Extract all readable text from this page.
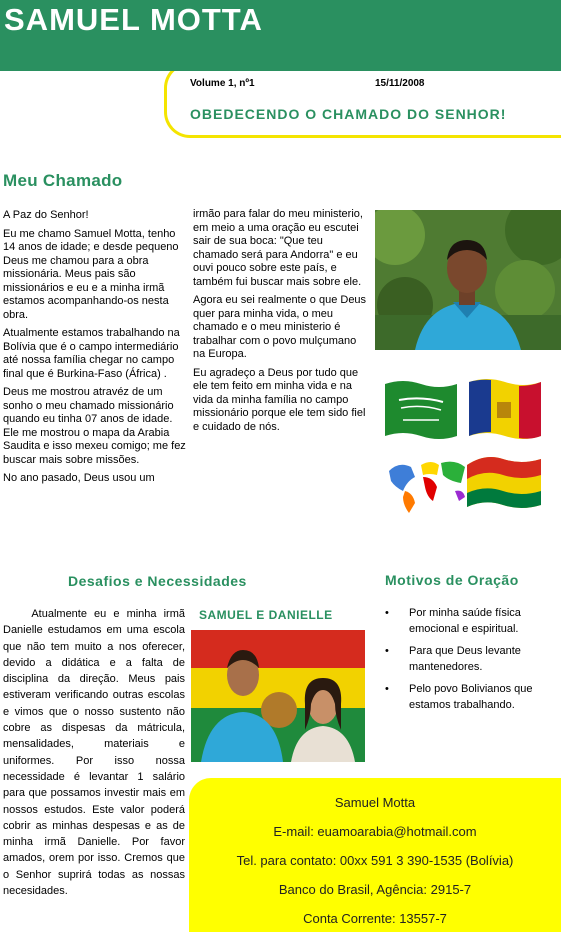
SAMUEL MOTTA
Volume 1, nº1	15/11/2008
OBEDECENDO O CHAMADO DO SENHOR!
Meu Chamado

A Paz do Senhor!

Eu me chamo Samuel Motta, tenho 14 anos de idade; e desde pequeno Deus me chamou para a obra missionária. Meus pais são missionários e eu e a minha irmã estamos acompanhando-os nesta obra.

Atualmente estamos trabalhando na Bolívia que é o campo intermediário até nossa família chegar no campo final que é Burkina-Faso (África) .

Deus me mostrou atravéz de um sonho o meu chamado missionário quando eu tinha 07 anos de idade. Ele me mostrou o mapa da Arabia Saudita e isso mexeu comigo; me fez buscar mais sobre missões.

No ano pasado, Deus usou um

irmão para falar do meu ministerio, em meio a uma oração eu escutei sair de sua boca: "Que teu chamado será para Andorra" e eu ouvi pouco sobre este país, e também fui buscar mais sobre ele.

Agora eu sei realmente o que Deus quer para minha vida, o meu chamado e o meu ministerio é trabalhar com o povo mulçumano na Europa.

Eu agradeço a Deus por tudo que ele tem feito em minha vida e na vida da minha família no campo missionário porque ele tem sido fiel e cuidado de nós.

Desafios e Necessidades
Atualmente eu e minha irmã Danielle estudamos em uma escola que não tem muito a nos oferecer, devido a didática e a falta de disciplina da direção. Meus pais estiveram verificando outras escolas e vimos que o nosso sustento não cobre as dispesas da mátricula, mensalidades, materiais e uniformes. Por isso nossa necessidade é levantar 1 salário para que possamos investir mais em nossos estudos. Este valor poderá cobrir as minhas despesas e as de minha irmã Danielle. Por favor amados, orem por isso. Cremos que o Senhor suprirá todas as nossas necesidades.
SAMUEL E DANIELLE
Motivos de Oração
• Por minha saúde física emocional e espiritual.
• Para que Deus levante mantenedores.
• Pelo povo Bolivianos que estamos trabalhando.
Samuel Motta
E-mail: euamoarabia@hotmail.com
Tel. para contato: 00xx 591 3 390-1535 (Bolívia)
Banco do Brasil, Agência: 2915-7
Conta Corrente: 13557-7
